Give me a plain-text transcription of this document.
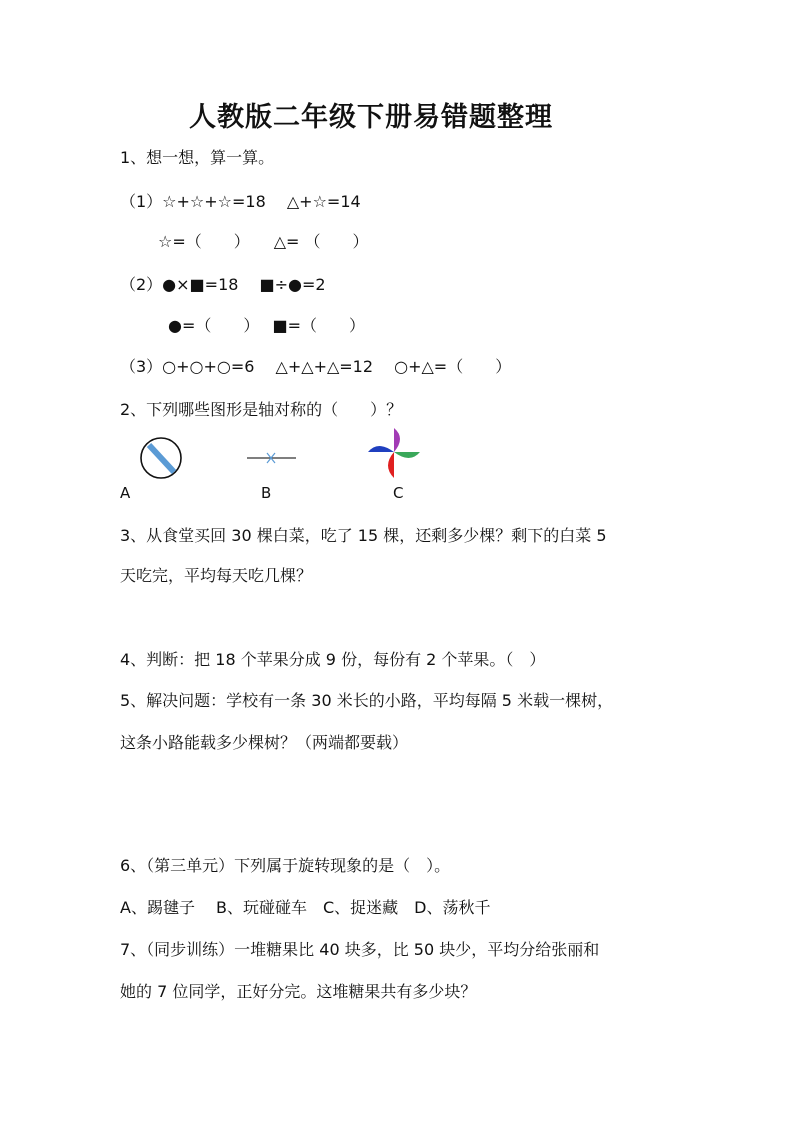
人教版二年级下册易错题整理
1、想一想，算一算。
（1）☆+☆+☆=18　 △+☆=14
☆=（　　）　　△= （　　）
（2）●×■=18　 ■÷●=2
●=（　　）　 ■=（　　）
（3）○+○+○=6　 △+△+△=12　 ○+△=（　　）
2、下列哪些图形是轴对称的（　　）？
A	B	C
3、从食堂买回 30 棵白菜，吃了 15 棵，还剩多少棵？剩下的白菜 5
天吃完，平均每天吃几棵？
4、判断：把 18 个苹果分成 9 份，每份有 2 个苹果。（　）
5、解决问题：学校有一条 30 米长的小路，平均每隔 5 米载一棵树，
这条小路能载多少棵树？（两端都要载）
6、（第三单元）下列属于旋转现象的是（　）。
A、踢毽子　 B、玩碰碰车　C、捉迷藏　D、荡秋千
7、（同步训练）一堆糖果比 40 块多，比 50 块少，平均分给张丽和
她的 7 位同学，正好分完。这堆糖果共有多少块？
